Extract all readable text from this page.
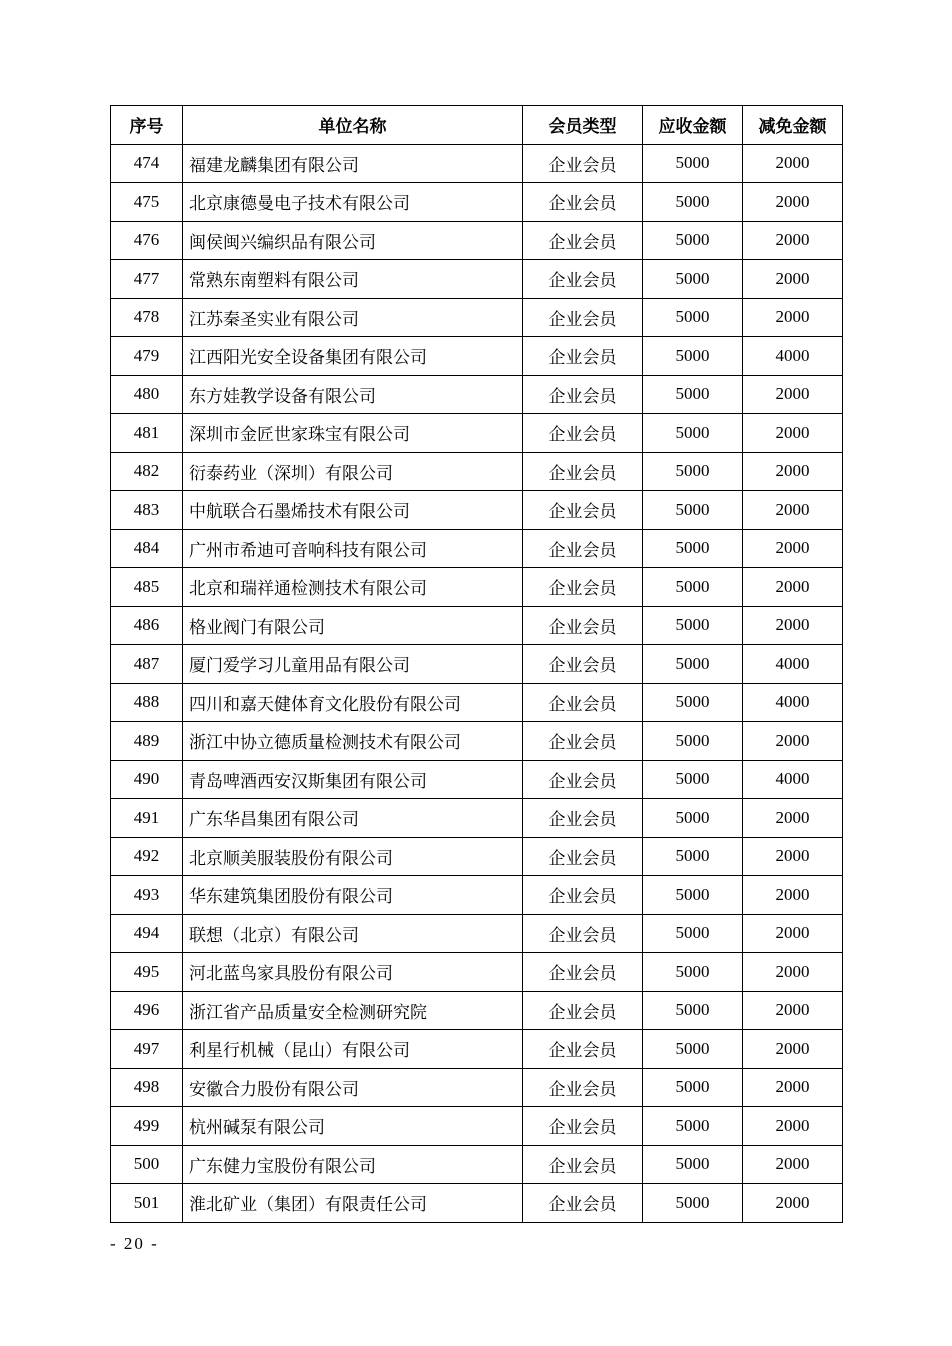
序号	单位名称	会员类型	应收金额	减免金额
474	福建龙麟集团有限公司	企业会员	5000	2000
475	北京康德曼电子技术有限公司	企业会员	5000	2000
476	闽侯闽兴编织品有限公司	企业会员	5000	2000
477	常熟东南塑料有限公司	企业会员	5000	2000
478	江苏秦圣实业有限公司	企业会员	5000	2000
479	江西阳光安全设备集团有限公司	企业会员	5000	4000
480	东方娃教学设备有限公司	企业会员	5000	2000
481	深圳市金匠世家珠宝有限公司	企业会员	5000	2000
482	衍泰药业（深圳）有限公司	企业会员	5000	2000
483	中航联合石墨烯技术有限公司	企业会员	5000	2000
484	广州市希迪可音响科技有限公司	企业会员	5000	2000
485	北京和瑞祥通检测技术有限公司	企业会员	5000	2000
486	格业阀门有限公司	企业会员	5000	2000
487	厦门爱学习儿童用品有限公司	企业会员	5000	4000
488	四川和嘉天健体育文化股份有限公司	企业会员	5000	4000
489	浙江中协立德质量检测技术有限公司	企业会员	5000	2000
490	青岛啤酒西安汉斯集团有限公司	企业会员	5000	4000
491	广东华昌集团有限公司	企业会员	5000	2000
492	北京顺美服装股份有限公司	企业会员	5000	2000
493	华东建筑集团股份有限公司	企业会员	5000	2000
494	联想（北京）有限公司	企业会员	5000	2000
495	河北蓝鸟家具股份有限公司	企业会员	5000	2000
496	浙江省产品质量安全检测研究院	企业会员	5000	2000
497	利星行机械（昆山）有限公司	企业会员	5000	2000
498	安徽合力股份有限公司	企业会员	5000	2000
499	杭州碱泵有限公司	企业会员	5000	2000
500	广东健力宝股份有限公司	企业会员	5000	2000
501	淮北矿业（集团）有限责任公司	企业会员	5000	2000
- 20 -
